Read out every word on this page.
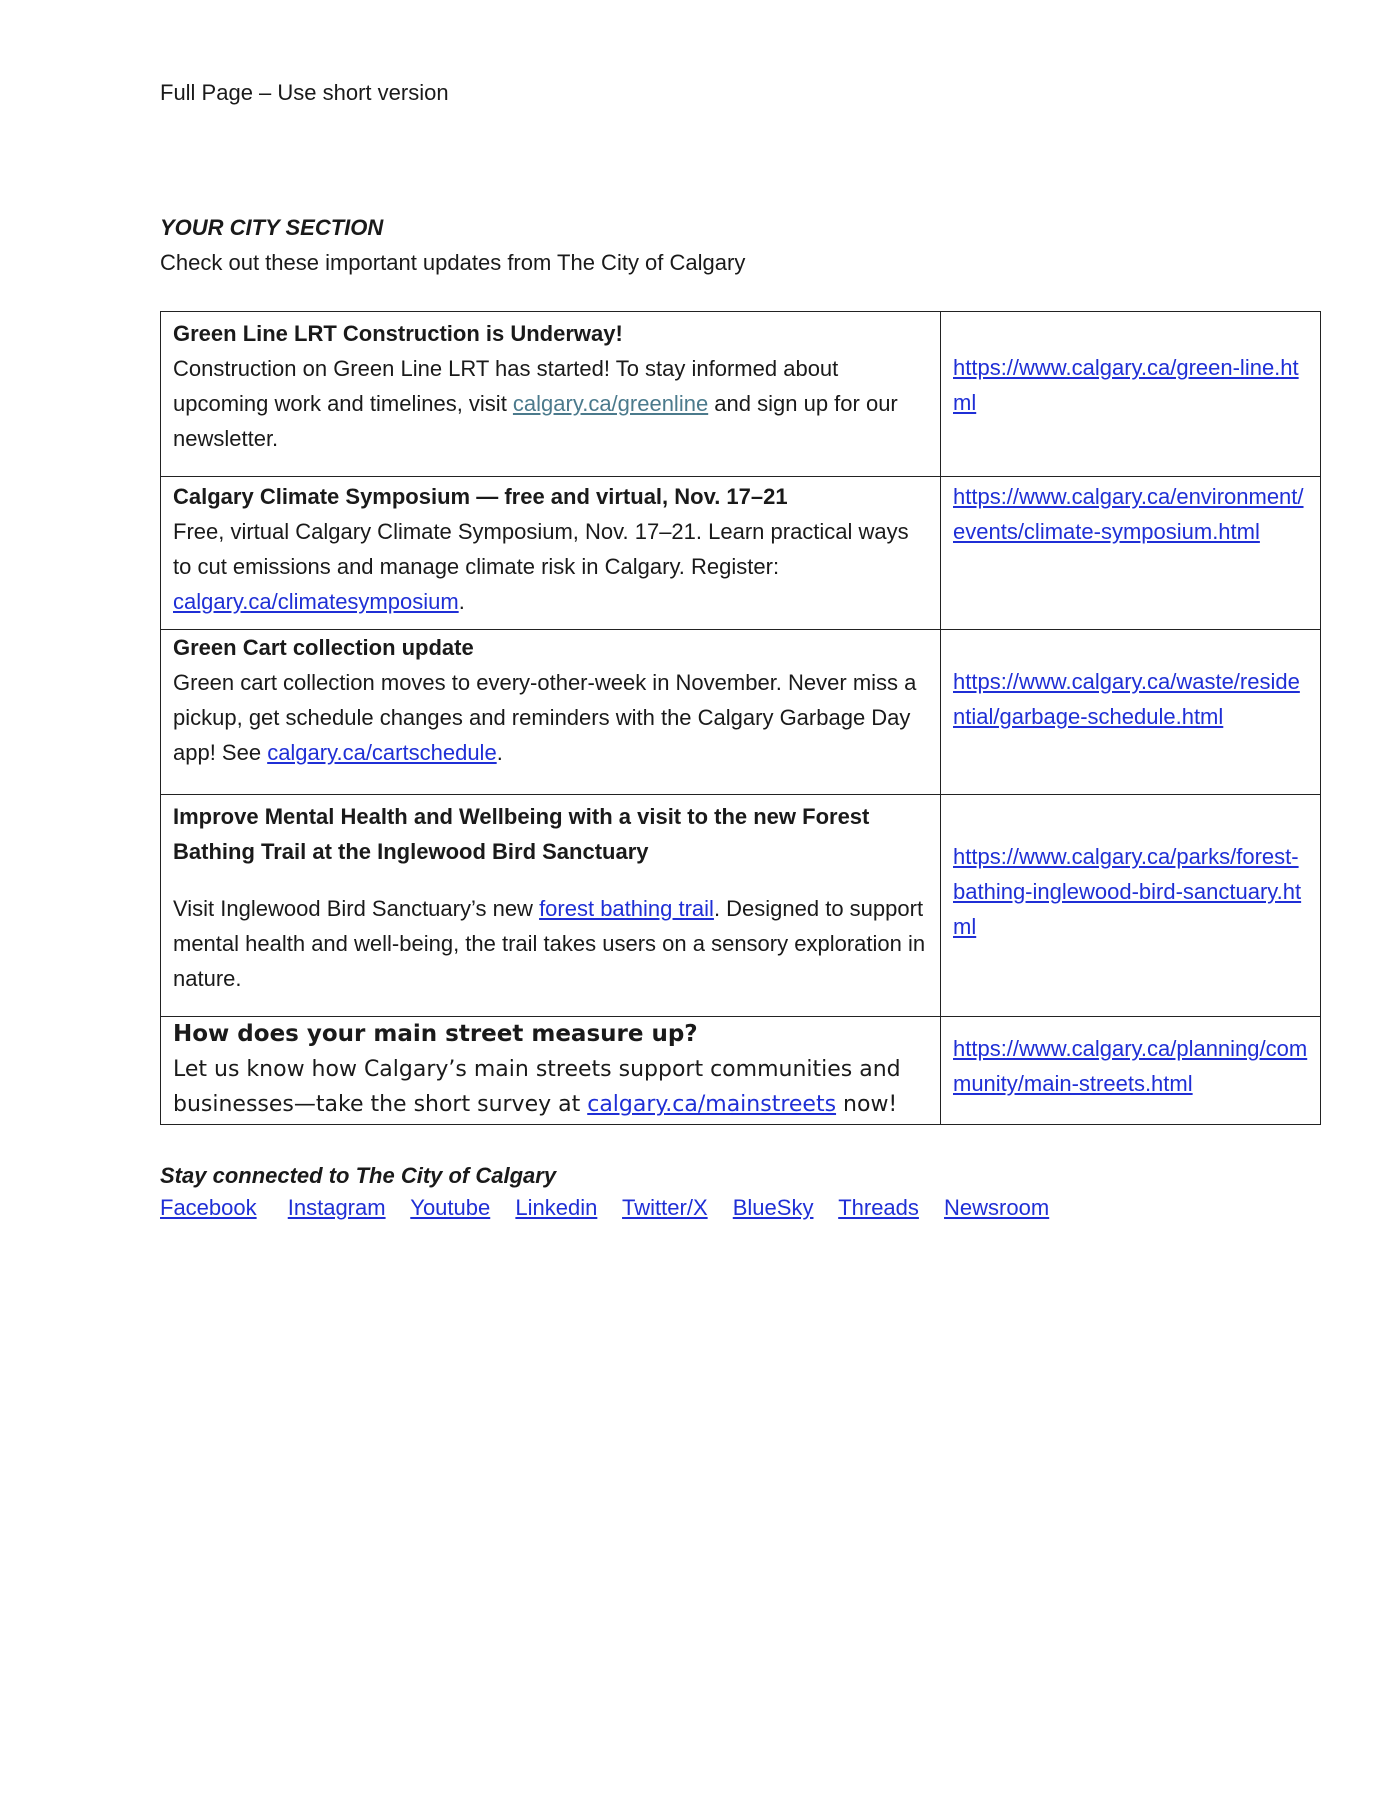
Full Page – Use short version
YOUR CITY SECTION
Check out these important updates from The City of Calgary
Green Line LRT Construction is Underway!
Construction on Green Line LRT has started! To stay informed about upcoming work and timelines, visit calgary.ca/greenline and sign up for our newsletter.	https://www.calgary.ca/green-line.html

Calgary Climate Symposium — free and virtual, Nov. 17–21
Free, virtual Calgary Climate Symposium, Nov. 17–21. Learn practical ways to cut emissions and manage climate risk in Calgary. Register: calgary.ca/climatesymposium.	https://www.calgary.ca/environment/events/climate-symposium.html

Green Cart collection update
Green cart collection moves to every-other-week in November. Never miss a pickup, get schedule changes and reminders with the Calgary Garbage Day app! See calgary.ca/cartschedule.	https://www.calgary.ca/waste/residential/garbage-schedule.html

Improve Mental Health and Wellbeing with a visit to the new Forest Bathing Trail at the Inglewood Bird Sanctuary
Visit Inglewood Bird Sanctuary’s new forest bathing trail. Designed to support mental health and well-being, the trail takes users on a sensory exploration in nature.	https://www.calgary.ca/parks/forest-bathing-inglewood-bird-sanctuary.html

How does your main street measure up?
Let us know how Calgary’s main streets support communities and businesses—take the short survey at calgary.ca/mainstreets now!	https://www.calgary.ca/planning/community/main-streets.html
Stay connected to The City of Calgary
Facebook Instagram Youtube Linkedin Twitter/X BlueSky Threads Newsroom
